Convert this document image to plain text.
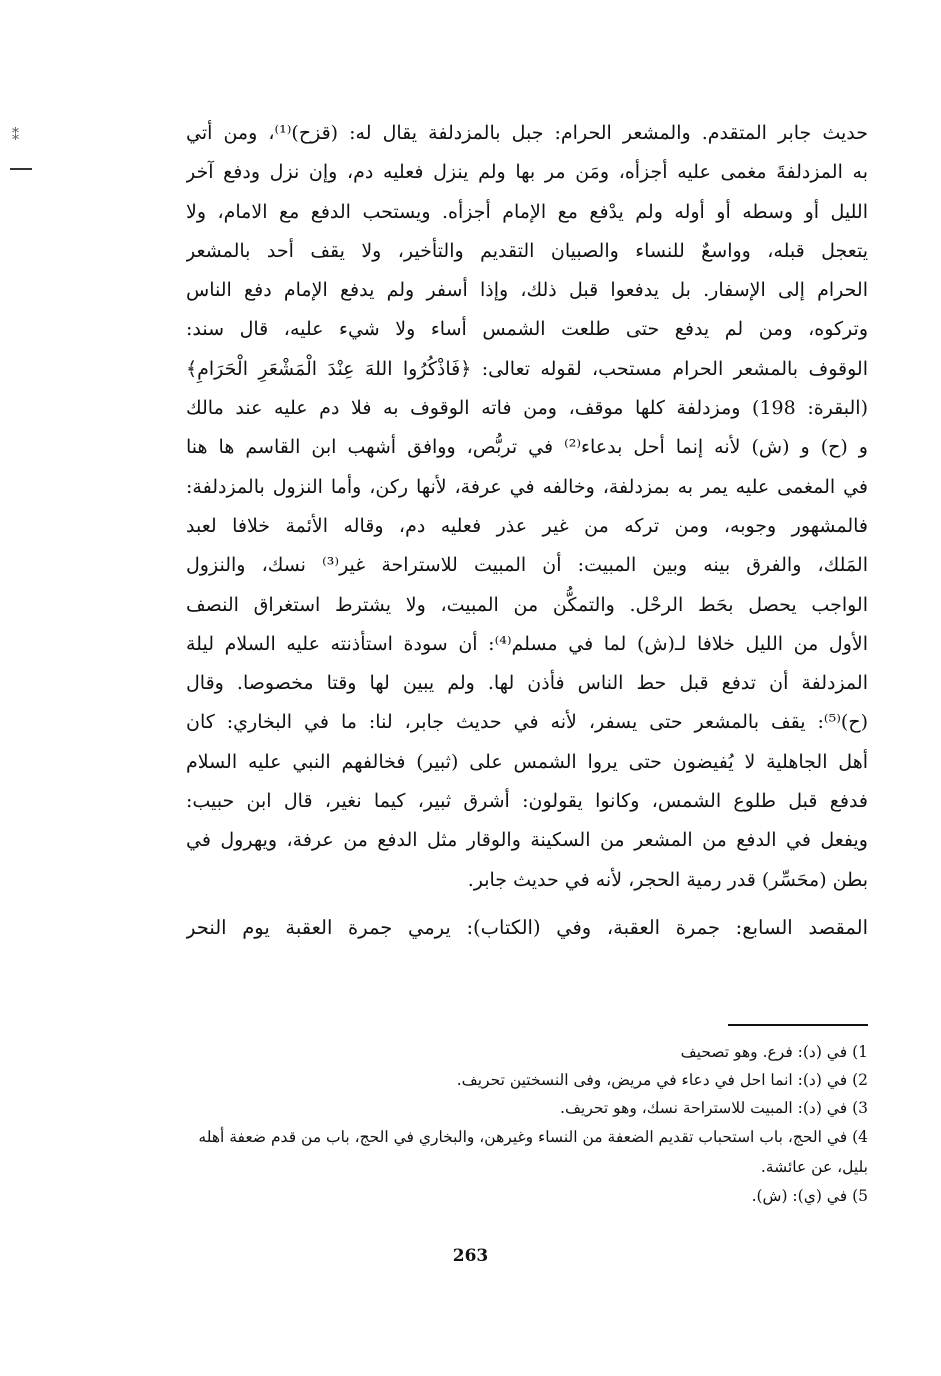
⁑	حديث جابر المتقدم. والمشعر الحرام: جبل بالمزدلفة يقال له: (قزح)⁽¹⁾، ومن أتي
به المزدلفةَ مغمى عليه أجزأه، ومَن مر بها ولم ينزل فعليه دم، وإن نزل ودفع آخر
الليل أو وسطه أو أوله ولم يدْفع مع الإمام أجزأه. ويستحب الدفع مع الامام، ولا
يتعجل قبله، وواسعٌ للنساء والصبيان التقديم والتأخير، ولا يقف أحد بالمشعر
الحرام إلى الإسفار. بل يدفعوا قبل ذلك، وإذا أسفر ولم يدفع الإمام دفع الناس
وتركوه، ومن لم يدفع حتى طلعت الشمس أساء ولا شيء عليه، قال سند:
الوقوف بالمشعر الحرام مستحب، لقوله تعالى: ﴿فَاذْكُرُوا اللهَ عِنْدَ الْمَشْعَرِ الْحَرَامِ﴾
(البقرة: 198) ومزدلفة كلها موقف، ومن فاته الوقوف به فلا دم عليه عند مالك
و (ح) و (ش) لأنه إنما أحل بدعاء⁽²⁾ في تربُّص، ووافق أشهب ابن القاسم ها هنا
في المغمى عليه يمر به بمزدلفة، وخالفه في عرفة، لأنها ركن، وأما النزول بالمزدلفة:
فالمشهور وجوبه، ومن تركه من غير عذر فعليه دم، وقاله الأئمة خلافا لعبد
المَلك، والفرق بينه وبين المبيت: أن المبيت للاستراحة غير⁽³⁾ نسك، والنزول
الواجب يحصل بحَط الرحْل. والتمكُّن من المبيت، ولا يشترط استغراق النصف
الأول من الليل خلافا لـ(ش) لما في مسلم⁽⁴⁾: أن سودة استأذنته عليه السلام ليلة
المزدلفة أن تدفع قبل حط الناس فأذن لها. ولم يبين لها وقتا مخصوصا. وقال
(ح)⁽⁵⁾: يقف بالمشعر حتى يسفر، لأنه في حديث جابر، لنا: ما في البخاري: كان
أهل الجاهلية لا يُفيضون حتى يروا الشمس على (ثبير) فخالفهم النبي عليه السلام
فدفع قبل طلوع الشمس، وكانوا يقولون: أشرق ثبير، كيما نغير، قال ابن حبيب:
ويفعل في الدفع من المشعر من السكينة والوقار مثل الدفع من عرفة، ويهرول في
بطن (محَسِّر) قدر رمية الحجر، لأنه في حديث جابر.
المقصد السابع: جمرة العقبة، وفي (الكتاب): يرمي جمرة العقبة يوم النحر
1) في (د): فرع. وهو تصحيف
2) في (د): انما احل في دعاء في مريض، وفى النسختين تحريف.
3) في (د): المبيت للاستراحة نسك، وهو تحريف.
4) في الحج، باب استحباب تقديم الضعفة من النساء وغيرهن، والبخاري في الحج، باب من قدم ضعفة أهله بليل، عن عائشة.
5) في (ي): (ش).
263
